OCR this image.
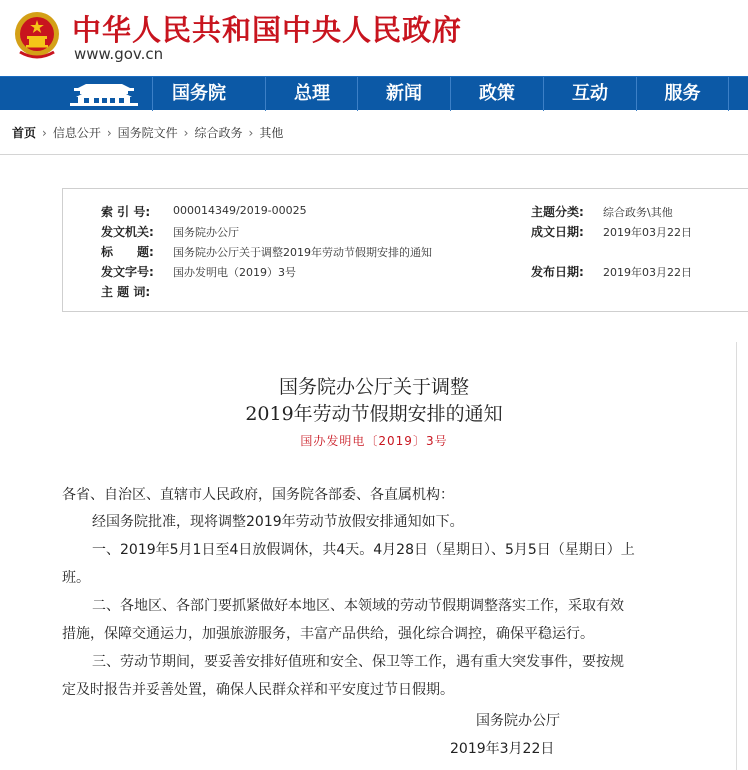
中华人民共和国中央人民政府
www.gov.cn
国务院	总理	新闻	政策	互动	服务
首页 › 信息公开 › 国务院文件 › 综合政务 › 其他
索 引 号: 000014349/2019-00025	主题分类: 综合政务\其他
发文机关: 国务院办公厅	成文日期: 2019年03月22日
标　　题: 国务院办公厅关于调整2019年劳动节假期安排的通知
发文字号: 国办发明电（2019）3号	发布日期: 2019年03月22日
主 题 词:
国务院办公厅关于调整
2019年劳动节假期安排的通知
国办发明电〔2019〕3号
各省、自治区、直辖市人民政府，国务院各部委、各直属机构：
经国务院批准，现将调整2019年劳动节放假安排通知如下。
一、2019年5月1日至4日放假调休，共4天。4月28日（星期日）、5月5日（星期日）上
班。
二、各地区、各部门要抓紧做好本地区、本领域的劳动节假期调整落实工作，采取有效
措施，保障交通运力，加强旅游服务，丰富产品供给，强化综合调控，确保平稳运行。
三、劳动节期间，要妥善安排好值班和安全、保卫等工作，遇有重大突发事件，要按规
定及时报告并妥善处置，确保人民群众祥和平安度过节日假期。
国务院办公厅
2019年3月22日
